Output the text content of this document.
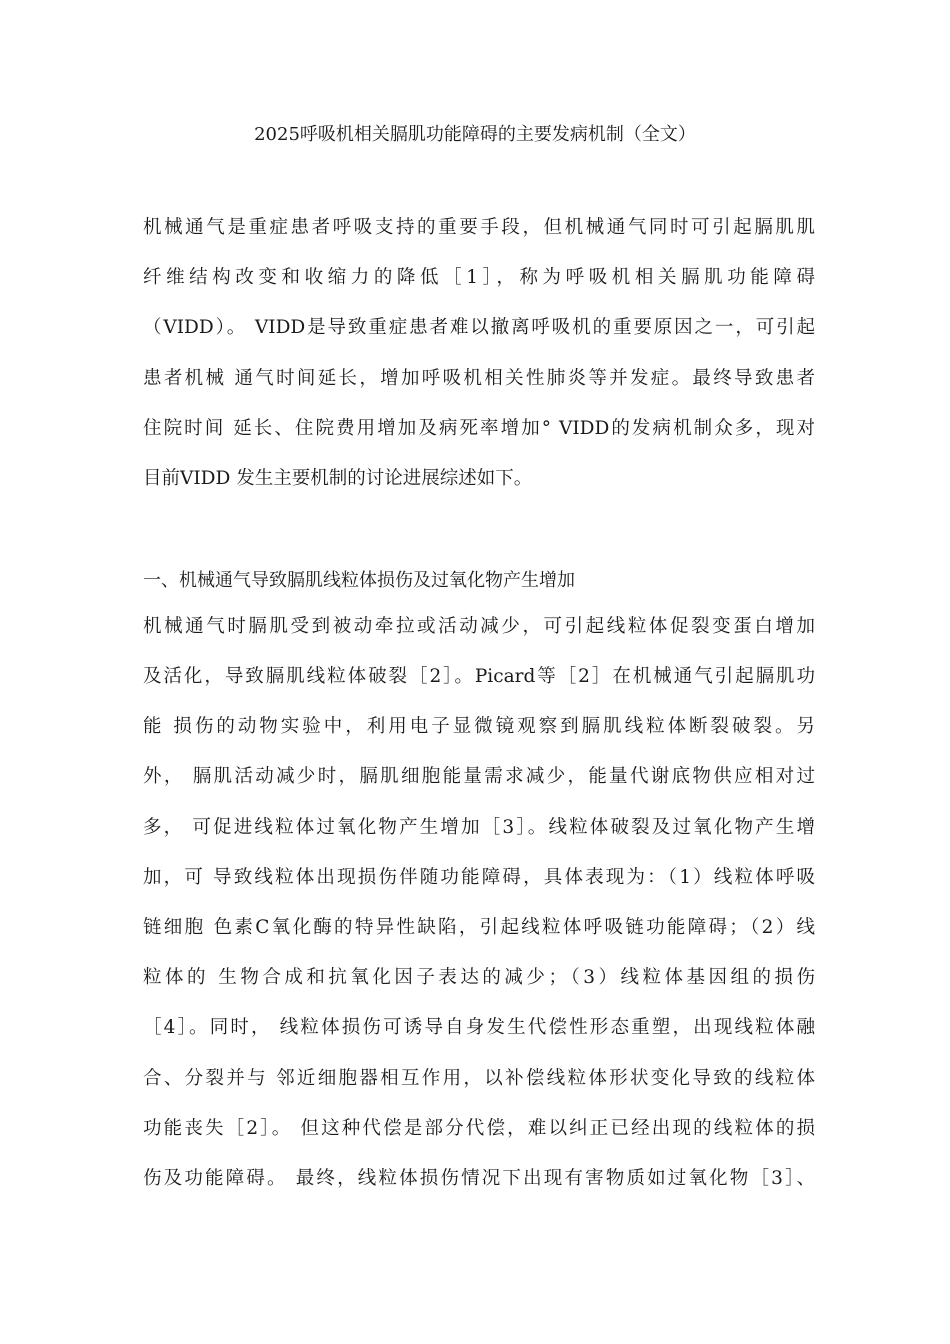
2025呼吸机相关膈肌功能障碍的主要发病机制（全文）
机械通气是重症患者呼吸支持的重要手段，但机械通气同时可引起膈肌肌
纤维结构改变和收缩力的降低［1］，称为呼吸机相关膈肌功能障碍
（VIDD）。 VIDD是导致重症患者难以撤离呼吸机的重要原因之一，可引起
患者机械 通气时间延长，增加呼吸机相关性肺炎等并发症。最终导致患者
住院时间 延长、住院费用增加及病死率增加° VIDD的发病机制众多，现对
目前VIDD 发生主要机制的讨论进展综述如下。
一、机械通气导致膈肌线粒体损伤及过氧化物产生增加
机械通气时膈肌受到被动牵拉或活动减少，可引起线粒体促裂变蛋白增加
及活化，导致膈肌线粒体破裂［2］。Picard等［2］在机械通气引起膈肌功
能 损伤的动物实验中，利用电子显微镜观察到膈肌线粒体断裂破裂。另
外， 膈肌活动减少时，膈肌细胞能量需求减少，能量代谢底物供应相对过
多， 可促进线粒体过氧化物产生增加［3］。线粒体破裂及过氧化物产生增
加，可 导致线粒体出现损伤伴随功能障碍，具体表现为：（1）线粒体呼吸
链细胞 色素C氧化酶的特异性缺陷，引起线粒体呼吸链功能障碍；（2）线
粒体的 生物合成和抗氧化因子表达的减少；（3）线粒体基因组的损伤
［4］。同时， 线粒体损伤可诱导自身发生代偿性形态重塑，出现线粒体融
合、分裂并与 邻近细胞器相互作用，以补偿线粒体形状变化导致的线粒体
功能丧失［2］。 但这种代偿是部分代偿，难以纠正已经出现的线粒体的损
伤及功能障碍。 最终，线粒体损伤情况下出现有害物质如过氧化物［3］、
